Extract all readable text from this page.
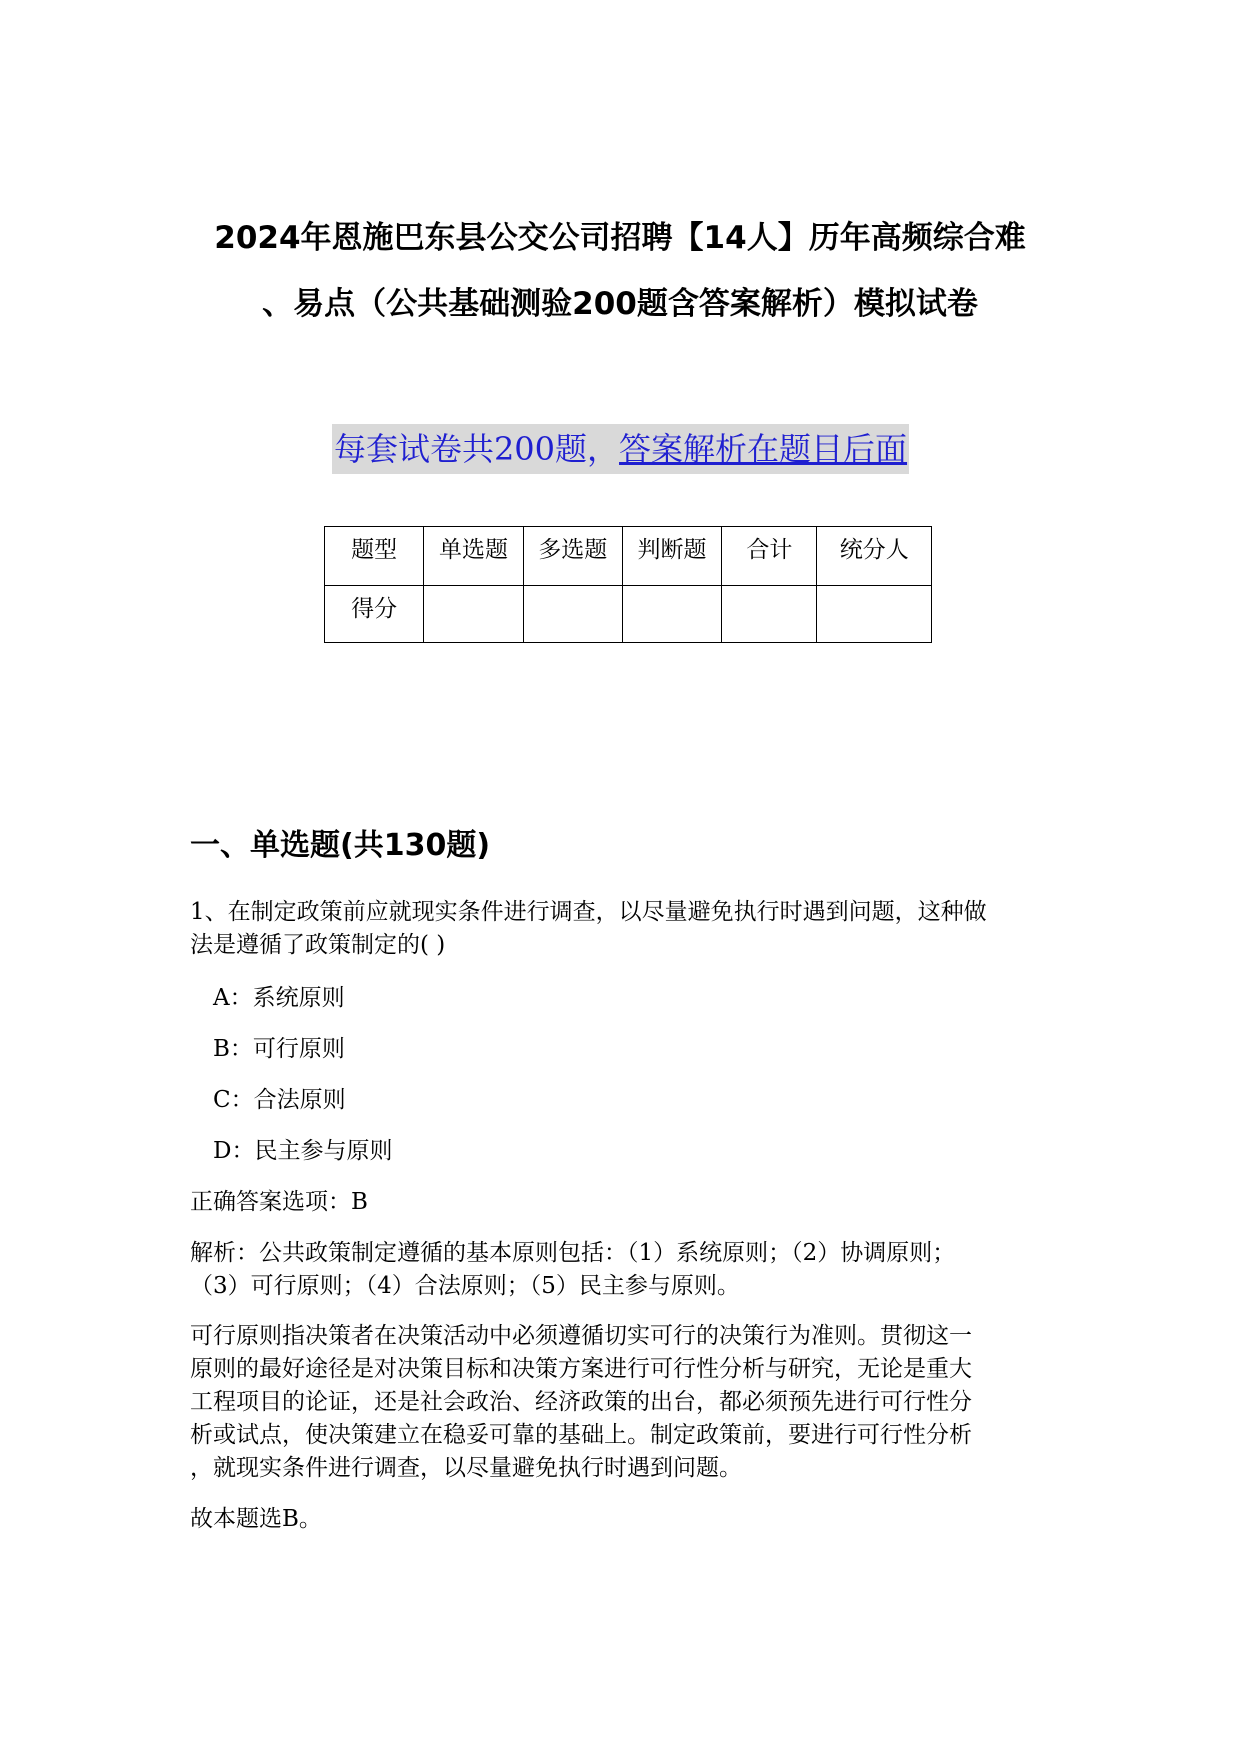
2024年恩施巴东县公交公司招聘【14人】历年高频综合难
、易点（公共基础测验200题含答案解析）模拟试卷
每套试卷共200题，答案解析在题目后面
题型	单选题	多选题	判断题	合计	统分人
得分					
一、单选题(共130题)
1、在制定政策前应就现实条件进行调查，以尽量避免执行时遇到问题，这种做
法是遵循了政策制定的( )
A：系统原则
B：可行原则
C：合法原则
D：民主参与原则
正确答案选项：B
解析：公共政策制定遵循的基本原则包括：（1）系统原则；（2）协调原则；
（3）可行原则；（4）合法原则；（5）民主参与原则。
可行原则指决策者在决策活动中必须遵循切实可行的决策行为准则。贯彻这一
原则的最好途径是对决策目标和决策方案进行可行性分析与研究，无论是重大
工程项目的论证，还是社会政治、经济政策的出台，都必须预先进行可行性分
析或试点，使决策建立在稳妥可靠的基础上。制定政策前，要进行可行性分析
，就现实条件进行调查，以尽量避免执行时遇到问题。
故本题选B。
